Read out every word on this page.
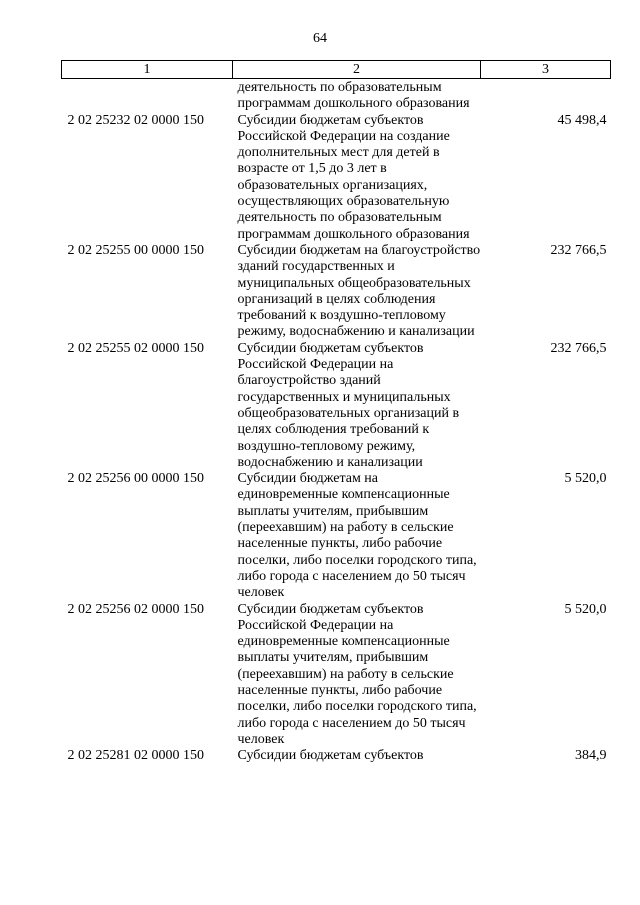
64
1	2	3
	деятельность по образовательным программам дошкольного образования	
2 02 25232 02 0000 150	Субсидии бюджетам субъектов Российской Федерации на создание дополнительных мест для детей в возрасте от 1,5 до 3 лет в образовательных организациях, осуществляющих образовательную деятельность по образовательным программам дошкольного образования	45 498,4
2 02 25255 00 0000 150	Субсидии бюджетам на благоустройство зданий государственных и муниципальных общеобразовательных организаций в целях соблюдения требований к воздушно-тепловому режиму, водоснабжению и канализации	232 766,5
2 02 25255 02 0000 150	Субсидии бюджетам субъектов Российской Федерации на благоустройство зданий государственных и муниципальных общеобразовательных организаций в целях соблюдения требований к воздушно-тепловому режиму, водоснабжению и канализации	232 766,5
2 02 25256 00 0000 150	Субсидии бюджетам на единовременные компенсационные выплаты учителям, прибывшим (переехавшим) на работу в сельские населенные пункты, либо рабочие поселки, либо поселки городского типа, либо города с населением до 50 тысяч человек	5 520,0
2 02 25256 02 0000 150	Субсидии бюджетам субъектов Российской Федерации на единовременные компенсационные выплаты учителям, прибывшим (переехавшим) на работу в сельские населенные пункты, либо рабочие поселки, либо поселки городского типа, либо города с населением до 50 тысяч человек	5 520,0
2 02 25281 02 0000 150	Субсидии бюджетам субъектов	384,9
